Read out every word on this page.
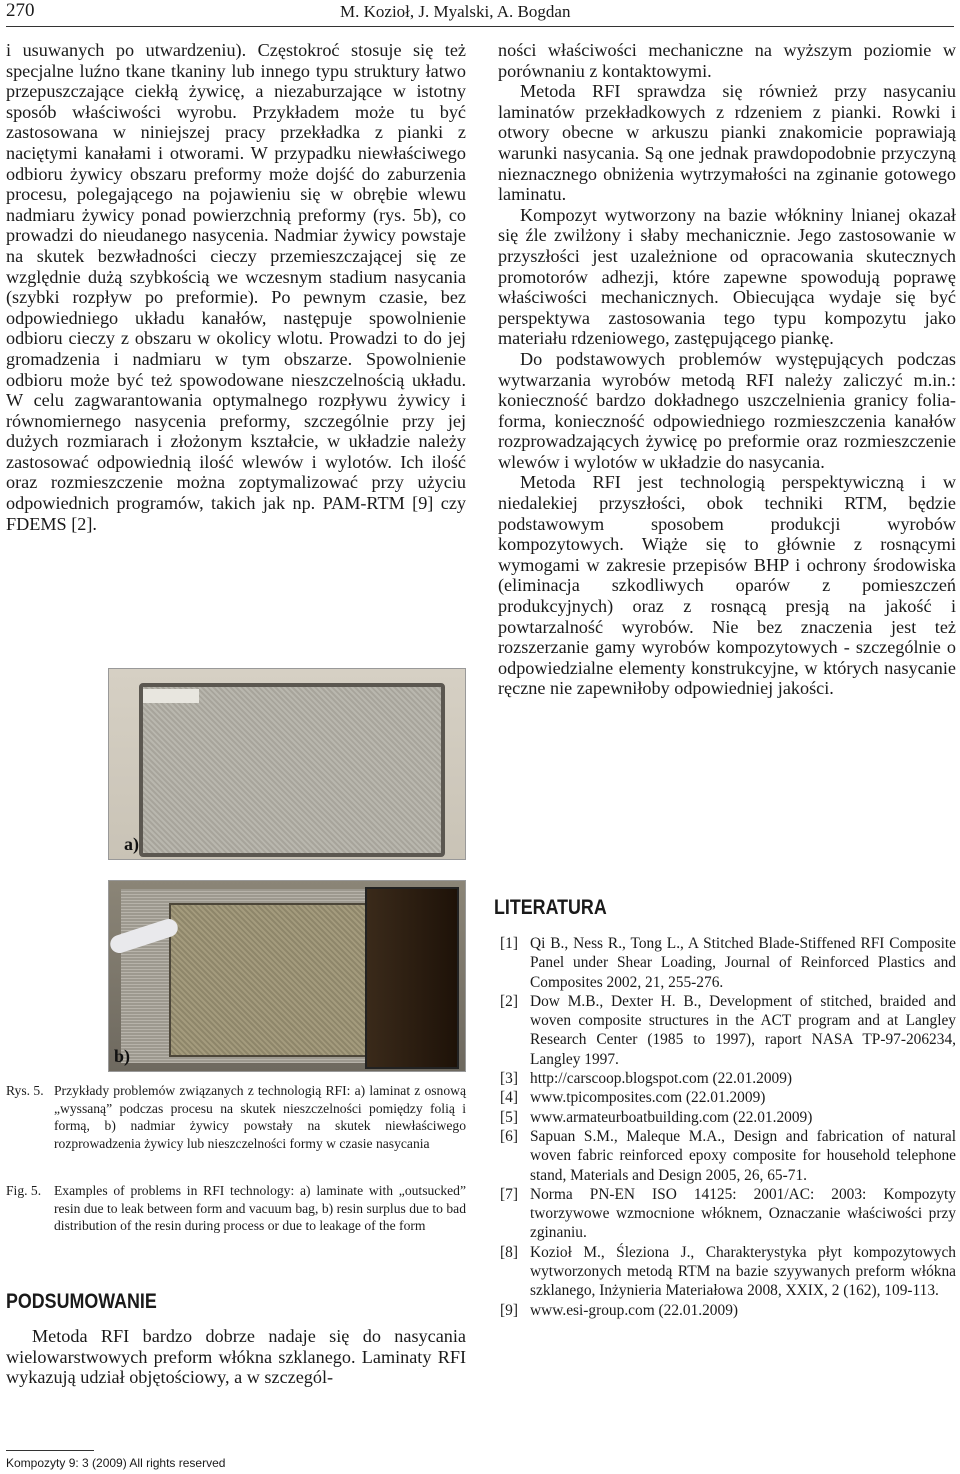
270	M. Kozioł, J. Myalski, A. Bogdan

i usuwanych po utwardzeniu). Częstokroć stosuje się też specjalne luźno tkane tkaniny lub innego typu struktury łatwo przepuszczające ciekłą żywicę, a niezaburzające w istotny sposób właściwości wyrobu. Przykładem może tu być zastosowana w niniejszej pracy przekładka z pianki z naciętymi kanałami i otworami. W przypadku niewłaściwego odbioru żywicy obszaru preformy może dojść do zaburzenia procesu, polegającego na pojawieniu się w obrębie wlewu nadmiaru żywicy ponad powierzchnią preformy (rys. 5b), co prowadzi do nieudanego nasycenia. Nadmiar żywicy powstaje na skutek bezwładności cieczy przemieszczającej się ze względnie dużą szybkością we wczesnym stadium nasycania (szybki rozpływ po preformie). Po pewnym czasie, bez odpowiedniego układu kanałów, następuje spowolnienie odbioru cieczy z obszaru w okolicy wlotu. Prowadzi to do jej gromadzenia i nadmiaru w tym obszarze. Spowolnienie odbioru może być też spowodowane nieszczelnością układu. W celu zagwarantowania optymalnego rozpływu żywicy i równomiernego nasycenia preformy, szczególnie przy jej dużych rozmiarach i złożonym kształcie, w układzie należy zastosować odpowiednią ilość wlewów i wylotów. Ich ilość oraz rozmieszczenie można zoptymalizować przy użyciu odpowiednich programów, takich jak np. PAM-RTM [9] czy FDEMS [2].

a)
b)
Rys. 5. Przykłady problemów związanych z technologią RFI: a) laminat z osnową „wyssaną” podczas procesu na skutek nieszczelności pomiędzy folią i formą, b) nadmiar żywicy powstały na skutek niewłaściwego rozprowadzenia żywicy lub nieszczelności formy w czasie nasycania
Fig. 5. Examples of problems in RFI technology: a) laminate with „outsucked” resin due to leak between form and vacuum bag, b) resin surplus due to bad distribution of the resin during process or due to leakage of the form
PODSUMOWANIE

Metoda RFI bardzo dobrze nadaje się do nasycania wielowarstwowych preform włókna szklanego. Laminaty RFI wykazują udział objętościowy, a w szczegól-

ności właściwości mechaniczne na wyższym poziomie w porównaniu z kontaktowymi.

Metoda RFI sprawdza się również przy nasycaniu laminatów przekładkowych z rdzeniem z pianki. Rowki i otwory obecne w arkuszu pianki znakomicie poprawiają warunki nasycania. Są one jednak prawdopodobnie przyczyną nieznacznego obniżenia wytrzymałości na zginanie gotowego laminatu.

Kompozyt wytworzony na bazie włókniny lnianej okazał się źle zwilżony i słaby mechanicznie. Jego zastosowanie w przyszłości jest uzależnione od opracowania skutecznych promotorów adhezji, które zapewne spowodują poprawę właściwości mechanicznych. Obiecująca wydaje się być perspektywa zastosowania tego typu kompozytu jako materiału rdzeniowego, zastępującego piankę.

Do podstawowych problemów występujących podczas wytwarzania wyrobów metodą RFI należy zaliczyć m.in.: konieczność bardzo dokładnego uszczelnienia granicy folia-forma, konieczność odpowiedniego rozmieszczenia kanałów rozprowadzających żywicę po preformie oraz rozmieszczenie wlewów i wylotów w układzie do nasycania.

Metoda RFI jest technologią perspektywiczną i w niedalekiej przyszłości, obok techniki RTM, będzie podstawowym sposobem produkcji wyrobów kompozytowych. Wiąże się to głównie z rosnącymi wymogami w zakresie przepisów BHP i ochrony środowiska (eliminacja szkodliwych oparów z pomieszczeń produkcyjnych) oraz z rosnącą presją na jakość i powtarzalność wyrobów. Nie bez znaczenia jest też rozszerzanie gamy wyrobów kompozytowych - szczególnie o odpowiedzialne elementy konstrukcyjne, w których nasycanie ręczne nie zapewniłoby odpowiedniej jakości.

LITERATURA
[1] Qi B., Ness R., Tong L., A Stitched Blade-Stiffened RFI Composite Panel under Shear Loading, Journal of Reinforced Plastics and Composites 2002, 21, 255-276.
[2] Dow M.B., Dexter H. B., Development of stitched, braided and woven composite structures in the ACT program and at Langley Research Center (1985 to 1997), raport NASA TP-97-206234, Langley 1997.
[3] http://carscoop.blogspot.com (22.01.2009)
[4] www.tpicomposites.com (22.01.2009)
[5] www.armateurboatbuilding.com (22.01.2009)
[6] Sapuan S.M., Maleque M.A., Design and fabrication of natural woven fabric reinforced epoxy composite for household telephone stand, Materials and Design 2005, 26, 65-71.
[7] Norma PN-EN ISO 14125: 2001/AC: 2003: Kompozyty tworzywowe wzmocnione włóknem, Oznaczanie właściwości przy zginaniu.
[8] Kozioł M., Śleziona J., Charakterystyka płyt kompozytowych wytworzonych metodą RTM na bazie szyywanych preform włókna szklanego, Inżynieria Materiałowa 2008, XXIX, 2 (162), 109-113.
[9] www.esi-group.com (22.01.2009)
Kompozyty 9: 3 (2009) All rights reserved
